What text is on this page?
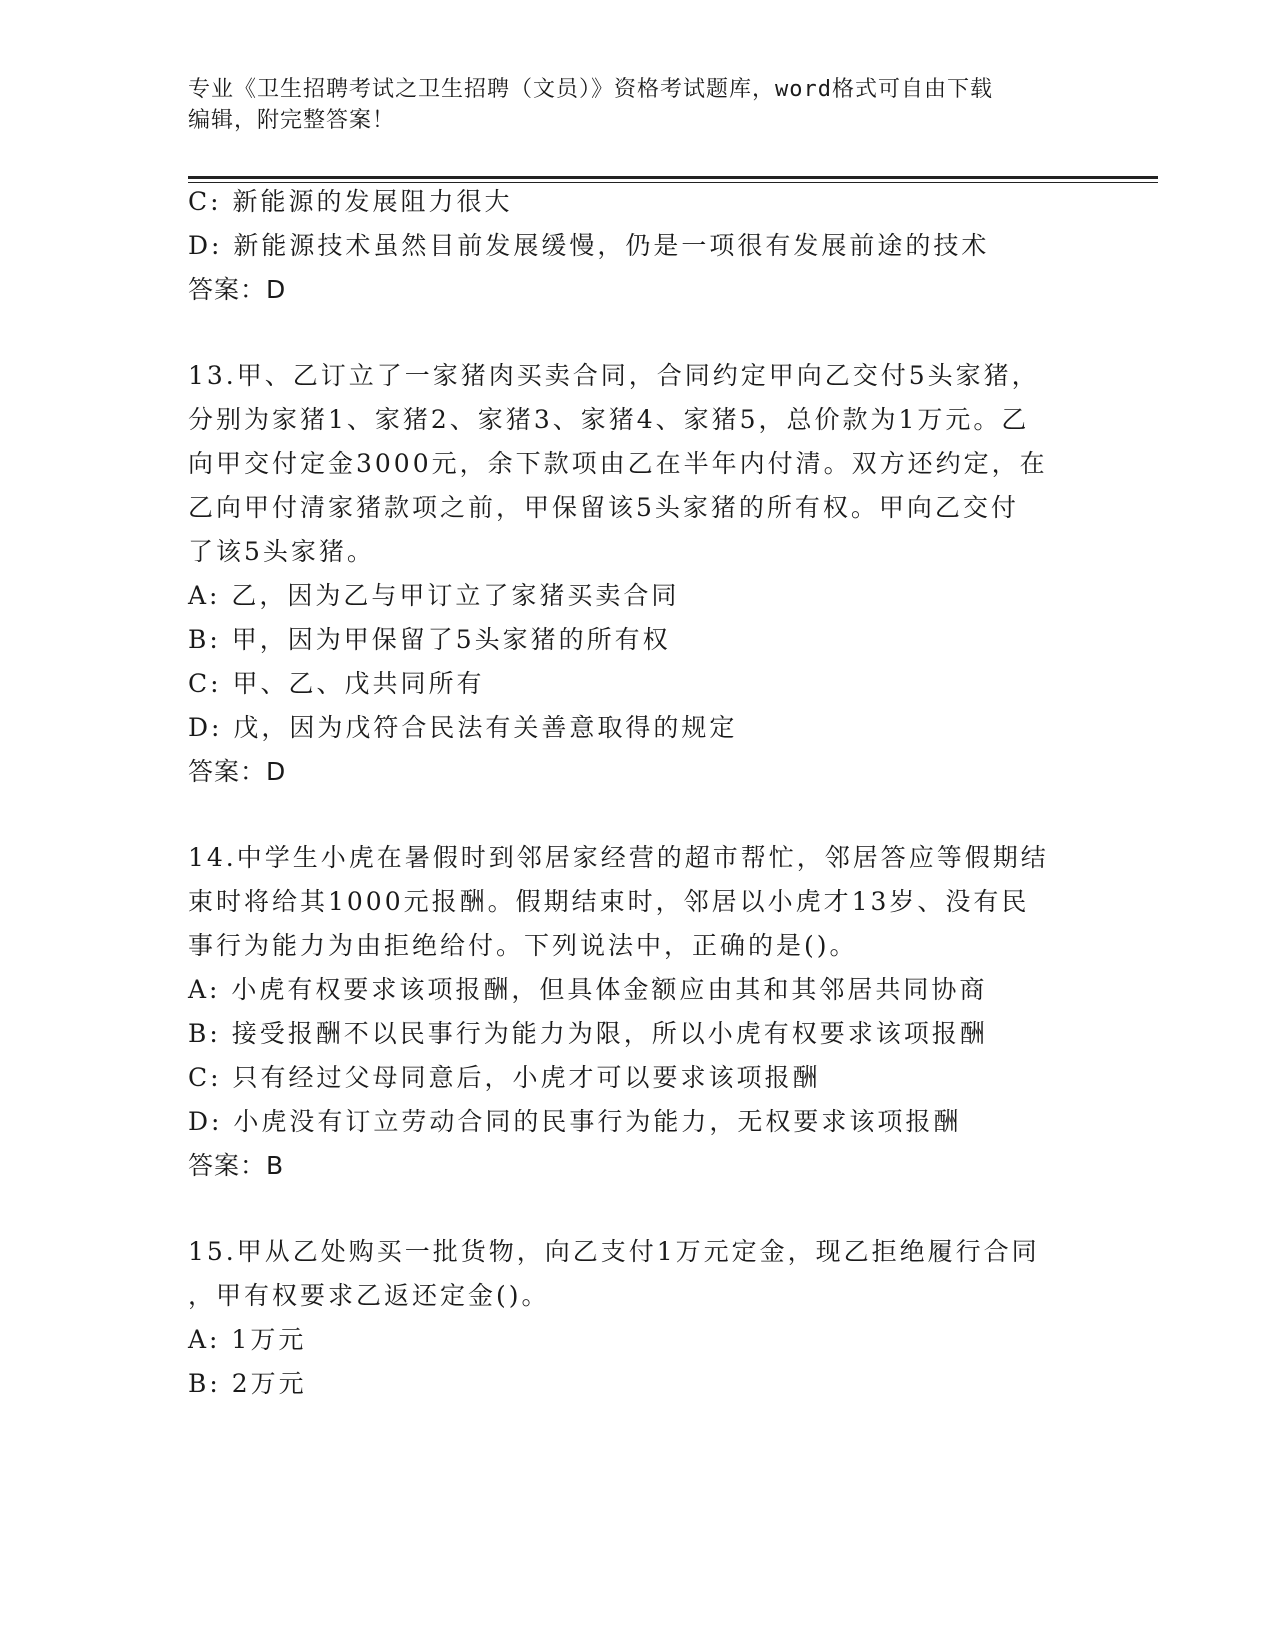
专业《卫生招聘考试之卫生招聘（文员）》资格考试题库，word格式可自由下载
编辑，附完整答案！
C: 新能源的发展阻力很大
D: 新能源技术虽然目前发展缓慢，仍是一项很有发展前途的技术
答案：D
13.甲、乙订立了一家猪肉买卖合同，合同约定甲向乙交付5头家猪，
分别为家猪1、家猪2、家猪3、家猪4、家猪5，总价款为1万元。乙
向甲交付定金3000元，余下款项由乙在半年内付清。双方还约定，在
乙向甲付清家猪款项之前，甲保留该5头家猪的所有权。甲向乙交付
了该5头家猪。
A: 乙，因为乙与甲订立了家猪买卖合同
B: 甲，因为甲保留了5头家猪的所有权
C: 甲、乙、戊共同所有
D: 戊，因为戊符合民法有关善意取得的规定
答案：D
14.中学生小虎在暑假时到邻居家经营的超市帮忙，邻居答应等假期结
束时将给其1000元报酬。假期结束时，邻居以小虎才13岁、没有民
事行为能力为由拒绝给付。下列说法中，正确的是()。
A: 小虎有权要求该项报酬，但具体金额应由其和其邻居共同协商
B: 接受报酬不以民事行为能力为限，所以小虎有权要求该项报酬
C: 只有经过父母同意后，小虎才可以要求该项报酬
D: 小虎没有订立劳动合同的民事行为能力，无权要求该项报酬
答案：B
15.甲从乙处购买一批货物，向乙支付1万元定金，现乙拒绝履行合同
，甲有权要求乙返还定金()。
A: 1万元
B: 2万元
